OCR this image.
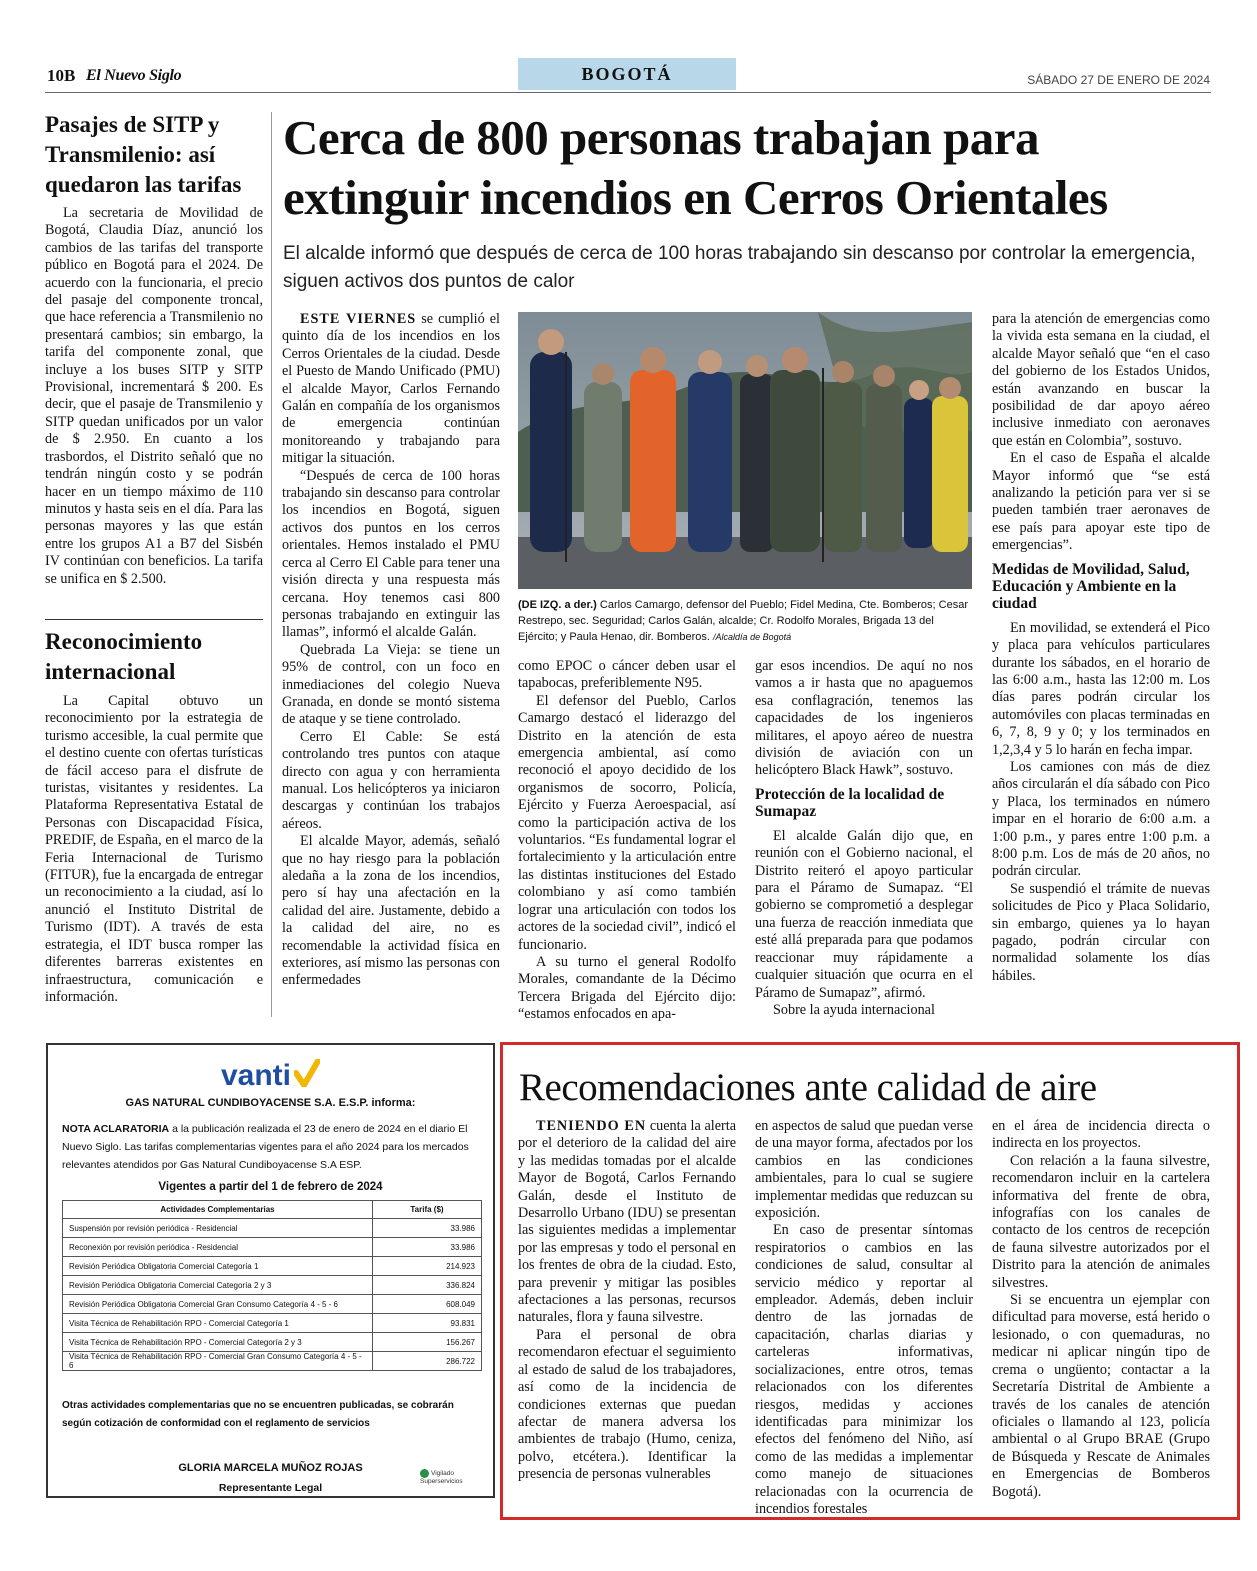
10B El Nuevo Siglo	BOGOTÁ	SÁBADO 27 DE ENERO DE 2024
Pasajes de SITP y Transmilenio: así quedaron las tarifas

La secretaria de Movilidad de Bogotá, Claudia Díaz, anunció los cambios de las tarifas del transporte público en Bogotá para el 2024. De acuerdo con la funcionaria, el precio del pasaje del componente troncal, que hace referencia a Transmilenio no presentará cambios; sin embargo, la tarifa del componente zonal, que incluye a los buses SITP y SITP Provisional, incrementará $ 200. Es decir, que el pasaje de Transmilenio y SITP quedan unificados por un valor de $ 2.950. En cuanto a los trasbordos, el Distrito señaló que no tendrán ningún costo y se podrán hacer en un tiempo máximo de 110 minutos y hasta seis en el día. Para las personas mayores y las que están entre los grupos A1 a B7 del Sisbén IV continúan con beneficios. La tarifa se unifica en $ 2.500.

Reconocimiento internacional

La Capital obtuvo un reconocimiento por la estrategia de turismo accesible, la cual permite que el destino cuente con ofertas turísticas de fácil acceso para el disfrute de turistas, visitantes y residentes. La Plataforma Representativa Estatal de Personas con Discapacidad Física, PREDIF, de España, en el marco de la Feria Internacional de Turismo (FITUR), fue la encargada de entregar un reconocimiento a la ciudad, así lo anunció el Instituto Distrital de Turismo (IDT). A través de esta estrategia, el IDT busca romper las diferentes barreras existentes en infraestructura, comunicación e información.

Cerca de 800 personas trabajan para extinguir incendios en Cerros Orientales
El alcalde informó que después de cerca de 100 horas trabajando sin descanso por controlar la emergencia, siguen activos dos puntos de calor

ESTE VIERNES se cumplió el quinto día de los incendios en los Cerros Orientales de la ciudad. Desde el Puesto de Mando Unificado (PMU) el alcalde Mayor, Carlos Fernando Galán en compañía de los organismos de emergencia continúan monitoreando y trabajando para mitigar la situación.

“Después de cerca de 100 horas trabajando sin descanso para controlar los incendios en Bogotá, siguen activos dos puntos en los cerros orientales. Hemos instalado el PMU cerca al Cerro El Cable para tener una visión directa y una respuesta más cercana. Hoy tenemos casi 800 personas trabajando en extinguir las llamas”, informó el alcalde Galán.

Quebrada La Vieja: se tiene un 95% de control, con un foco en inmediaciones del colegio Nueva Granada, en donde se montó sistema de ataque y se tiene controlado.

Cerro El Cable: Se está controlando tres puntos con ataque directo con agua y con herramienta manual. Los helicópteros ya iniciaron descargas y continúan los trabajos aéreos.

El alcalde Mayor, además, señaló que no hay riesgo para la población aledaña a la zona de los incendios, pero sí hay una afectación en la calidad del aire. Justamente, debido a la calidad del aire, no es recomendable la actividad física en exteriores, así mismo las personas con enfermedades

(DE IZQ. a der.) Carlos Camargo, defensor del Pueblo; Fidel Medina, Cte. Bomberos; Cesar Restrepo, sec. Seguridad; Carlos Galán, alcalde; Cr. Rodolfo Morales, Brigada 13 del Ejército; y Paula Henao, dir. Bomberos. /Alcaldía de Bogotá

como EPOC o cáncer deben usar el tapabocas, preferiblemente N95.

El defensor del Pueblo, Carlos Camargo destacó el liderazgo del Distrito en la atención de esta emergencia ambiental, así como reconoció el apoyo decidido de los organismos de socorro, Policía, Ejército y Fuerza Aeroespacial, así como la participación activa de los voluntarios. “Es fundamental lograr el fortalecimiento y la articulación entre las distintas instituciones del Estado colombiano y así como también lograr una articulación con todos los actores de la sociedad civil”, indicó el funcionario.

A su turno el general Rodolfo Morales, comandante de la Décimo Tercera Brigada del Ejército dijo: “estamos enfocados en apa-

gar esos incendios. De aquí no nos vamos a ir hasta que no apaguemos esa conflagración, tenemos las capacidades de los ingenieros militares, el apoyo aéreo de nuestra división de aviación con un helicóptero Black Hawk”, sostuvo.

Protección de la localidad de Sumapaz

El alcalde Galán dijo que, en reunión con el Gobierno nacional, el Distrito reiteró el apoyo particular para el Páramo de Sumapaz. “El gobierno se comprometió a desplegar una fuerza de reacción inmediata que esté allá preparada para que podamos reaccionar muy rápidamente a cualquier situación que ocurra en el Páramo de Sumapaz”, afirmó.

Sobre la ayuda internacional

para la atención de emergencias como la vivida esta semana en la ciudad, el alcalde Mayor señaló que “en el caso del gobierno de los Estados Unidos, están avanzando en buscar la posibilidad de dar apoyo aéreo inclusive inmediato con aeronaves que están en Colombia”, sostuvo.

En el caso de España el alcalde Mayor informó que “se está analizando la petición para ver si se pueden también traer aeronaves de ese país para apoyar este tipo de emergencias”.

Medidas de Movilidad, Salud, Educación y Ambiente en la ciudad

En movilidad, se extenderá el Pico y placa para vehículos particulares durante los sábados, en el horario de las 6:00 a.m., hasta las 12:00 m. Los días pares podrán circular los automóviles con placas terminadas en 6, 7, 8, 9 y 0; y los terminados en 1,2,3,4 y 5 lo harán en fecha impar.

Los camiones con más de diez años circularán el día sábado con Pico y Placa, los terminados en número impar en el horario de 6:00 a.m. a 1:00 p.m., y pares entre 1:00 p.m. a 8:00 p.m. Los de más de 20 años, no podrán circular.

Se suspendió el trámite de nuevas solicitudes de Pico y Placa Solidario, sin embargo, quienes ya lo hayan pagado, podrán circular con normalidad solamente los días hábiles.

vanti
GAS NATURAL CUNDIBOYACENSE S.A. E.S.P. informa:
NOTA ACLARATORIA a la publicación realizada el 23 de enero de 2024 en el diario El Nuevo Siglo. Las tarifas complementarias vigentes para el año 2024 para los mercados relevantes atendidos por Gas Natural Cundiboyacense S.A ESP.
Vigentes a partir del 1 de febrero de 2024
Actividades Complementarias	Tarifa ($)
Suspensión por revisión periódica - Residencial	33.986
Reconexión por revisión periódica - Residencial	33.986
Revisión Periódica Obligatoria Comercial Categoría 1	214.923
Revisión Periódica Obligatoria Comercial Categoría 2 y 3	336.824
Revisión Periódica Obligatoria Comercial Gran Consumo Categoría 4 - 5 - 6	608.049
Visita Técnica de Rehabilitación RPO - Comercial Categoría 1	93.831
Visita Técnica de Rehabilitación RPO - Comercial Categoría 2 y 3	156.267
Visita Técnica de Rehabilitación RPO - Comercial Gran Consumo Categoría 4 - 5 - 6	286.722
Otras actividades complementarias que no se encuentren publicadas, se cobrarán según cotización de conformidad con el reglamento de servicios
GLORIA MARCELA MUÑOZ ROJAS
Representante Legal
Vigilado Superservicios
Recomendaciones ante calidad de aire

TENIENDO EN cuenta la alerta por el deterioro de la calidad del aire y las medidas tomadas por el alcalde Mayor de Bogotá, Carlos Fernando Galán, desde el Instituto de Desarrollo Urbano (IDU) se presentan las siguientes medidas a implementar por las empresas y todo el personal en los frentes de obra de la ciudad. Esto, para prevenir y mitigar las posibles afectaciones a las personas, recursos naturales, flora y fauna silvestre.

Para el personal de obra recomendaron efectuar el seguimiento al estado de salud de los trabajadores, así como de la incidencia de condiciones externas que puedan afectar de manera adversa los ambientes de trabajo (Humo, ceniza, polvo, etcétera.). Identificar la presencia de personas vulnerables

en aspectos de salud que puedan verse de una mayor forma, afectados por los cambios en las condiciones ambientales, para lo cual se sugiere implementar medidas que reduzcan su exposición.

En caso de presentar síntomas respiratorios o cambios en las condiciones de salud, consultar al servicio médico y reportar al empleador. Además, deben incluir dentro de las jornadas de capacitación, charlas diarias y carteleras informativas, socializaciones, entre otros, temas relacionados con los diferentes riesgos, medidas y acciones identificadas para minimizar los efectos del fenómeno del Niño, así como de las medidas a implementar como manejo de situaciones relacionadas con la ocurrencia de incendios forestales

en el área de incidencia directa o indirecta en los proyectos.

Con relación a la fauna silvestre, recomendaron incluir en la cartelera informativa del frente de obra, infografías con los canales de contacto de los centros de recepción de fauna silvestre autorizados por el Distrito para la atención de animales silvestres.

Si se encuentra un ejemplar con dificultad para moverse, está herido o lesionado, o con quemaduras, no medicar ni aplicar ningún tipo de crema o ungüento; contactar a la Secretaría Distrital de Ambiente a través de los canales de atención oficiales o llamando al 123, policía ambiental o al Grupo BRAE (Grupo de Búsqueda y Rescate de Animales en Emergencias de Bomberos Bogotá).
